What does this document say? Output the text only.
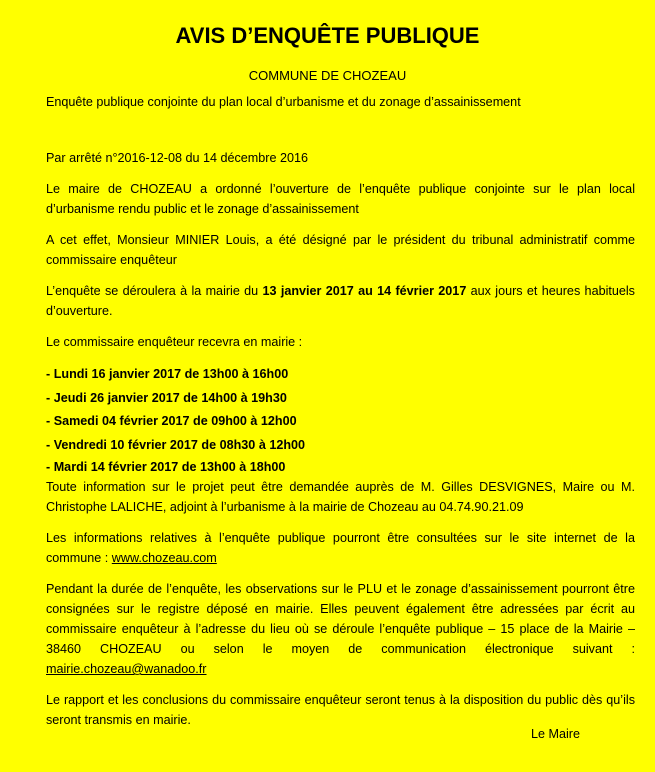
AVIS D’ENQUÊTE PUBLIQUE
COMMUNE DE CHOZEAU
Enquête publique conjointe du plan local d’urbanisme et du zonage d’assainissement

Par arrêté n°2016-12-08 du 14 décembre 2016

Le maire de CHOZEAU a ordonné l’ouverture de l’enquête publique conjointe sur le plan local d’urbanisme rendu public et le zonage d’assainissement

A cet effet, Monsieur MINIER Louis, a été désigné par le président du tribunal administratif comme commissaire enquêteur

L’enquête se déroulera à la mairie du 13 janvier 2017 au 14 février 2017 aux jours et heures habituels d’ouverture.

Le commissaire enquêteur recevra en mairie :

- Lundi 16 janvier 2017 de 13h00 à 16h00
- Jeudi 26 janvier 2017 de 14h00 à 19h30
- Samedi 04 février 2017 de 09h00 à 12h00
- Vendredi 10 février 2017 de 08h30 à 12h00
- Mardi 14 février 2017 de 13h00 à 18h00

Toute information sur le projet peut être demandée auprès de M. Gilles DESVIGNES, Maire ou M. Christophe LALICHE, adjoint à l’urbanisme à la mairie de Chozeau au 04.74.90.21.09

Les informations relatives à l’enquête publique pourront être consultées sur le site internet de la commune : www.chozeau.com

Pendant la durée de l’enquête, les observations sur le PLU et le zonage d’assainissement pourront être consignées sur le registre déposé en mairie. Elles peuvent également être adressées par écrit au commissaire enquêteur à l’adresse du lieu où se déroule l’enquête publique – 15 place de la Mairie – 38460 CHOZEAU ou selon le moyen de communication électronique suivant : mairie.chozeau@wanadoo.fr

Le rapport et les conclusions du commissaire enquêteur seront tenus à la disposition du public dès qu’ils seront transmis en mairie.

Le Maire
